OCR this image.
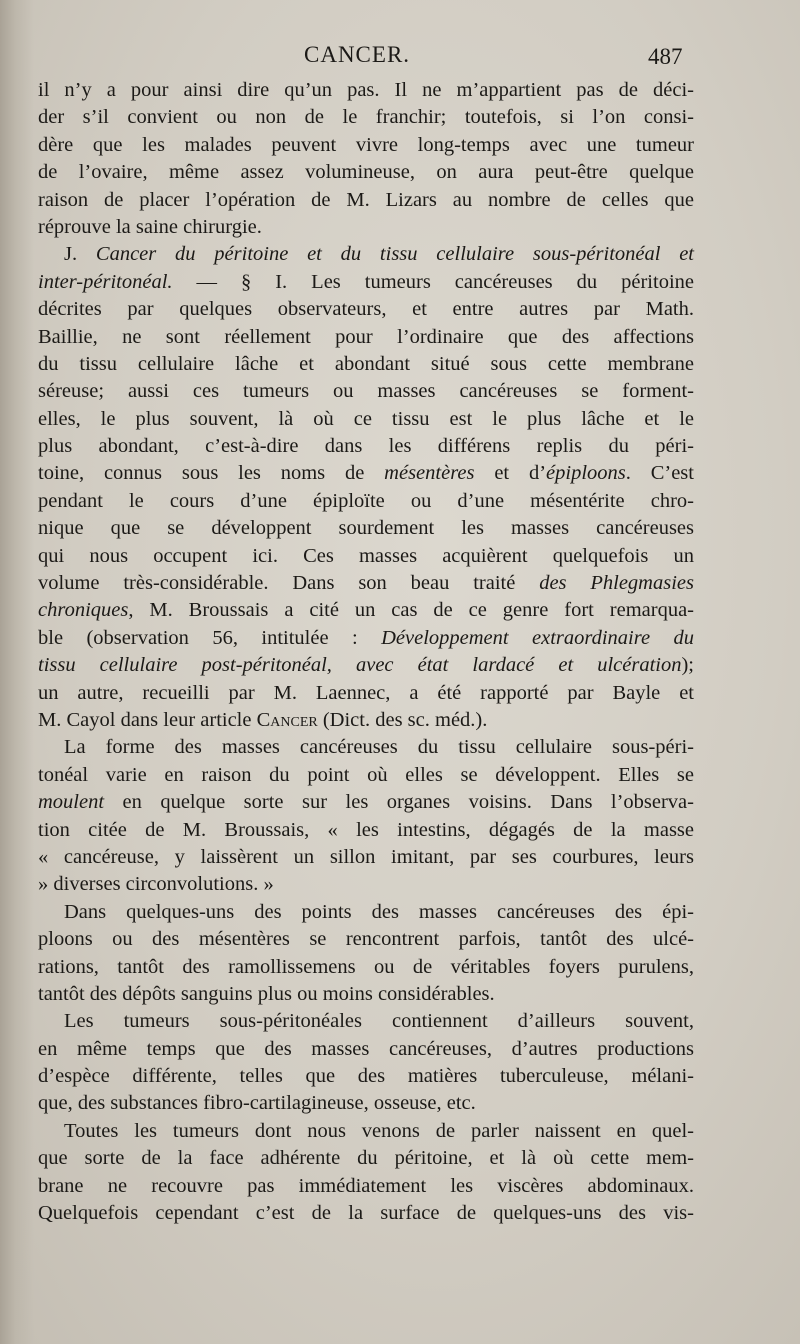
CANCER.	487
il n’y a pour ainsi dire qu’un pas. Il ne m’appartient pas de déci-
der s’il convient ou non de le franchir; toutefois, si l’on consi-
dère que les malades peuvent vivre long-temps avec une tumeur
de l’ovaire, même assez volumineuse, on aura peut-être quelque
raison de placer l’opération de M. Lizars au nombre de celles que
réprouve la saine chirurgie.
J. Cancer du péritoine et du tissu cellulaire sous-péritonéal et
inter-péritonéal. — § I. Les tumeurs cancéreuses du péritoine
décrites par quelques observateurs, et entre autres par Math.
Baillie, ne sont réellement pour l’ordinaire que des affections
du tissu cellulaire lâche et abondant situé sous cette membrane
séreuse; aussi ces tumeurs ou masses cancéreuses se forment-
elles, le plus souvent, là où ce tissu est le plus lâche et le
plus abondant, c’est-à-dire dans les différens replis du péri-
toine, connus sous les noms de mésentères et d’épiploons. C’est
pendant le cours d’une épiploïte ou d’une mésentérite chro-
nique que se développent sourdement les masses cancéreuses
qui nous occupent ici. Ces masses acquièrent quelquefois un
volume très-considérable. Dans son beau traité des Phlegmasies
chroniques, M. Broussais a cité un cas de ce genre fort remarqua-
ble (observation 56, intitulée : Développement extraordinaire du
tissu cellulaire post-péritonéal, avec état lardacé et ulcération);
un autre, recueilli par M. Laennec, a été rapporté par Bayle et
M. Cayol dans leur article Cancer (Dict. des sc. méd.).
La forme des masses cancéreuses du tissu cellulaire sous-péri-
tonéal varie en raison du point où elles se développent. Elles se
moulent en quelque sorte sur les organes voisins. Dans l’observa-
tion citée de M. Broussais, « les intestins, dégagés de la masse
« cancéreuse, y laissèrent un sillon imitant, par ses courbures, leurs
» diverses circonvolutions. »
Dans quelques-uns des points des masses cancéreuses des épi-
ploons ou des mésentères se rencontrent parfois, tantôt des ulcé-
rations, tantôt des ramollissemens ou de véritables foyers purulens,
tantôt des dépôts sanguins plus ou moins considérables.
Les tumeurs sous-péritonéales contiennent d’ailleurs souvent,
en même temps que des masses cancéreuses, d’autres productions
d’espèce différente, telles que des matières tuberculeuse, mélani-
que, des substances fibro-cartilagineuse, osseuse, etc.
Toutes les tumeurs dont nous venons de parler naissent en quel-
que sorte de la face adhérente du péritoine, et là où cette mem-
brane ne recouvre pas immédiatement les viscères abdominaux.
Quelquefois cependant c’est de la surface de quelques-uns des vis-
